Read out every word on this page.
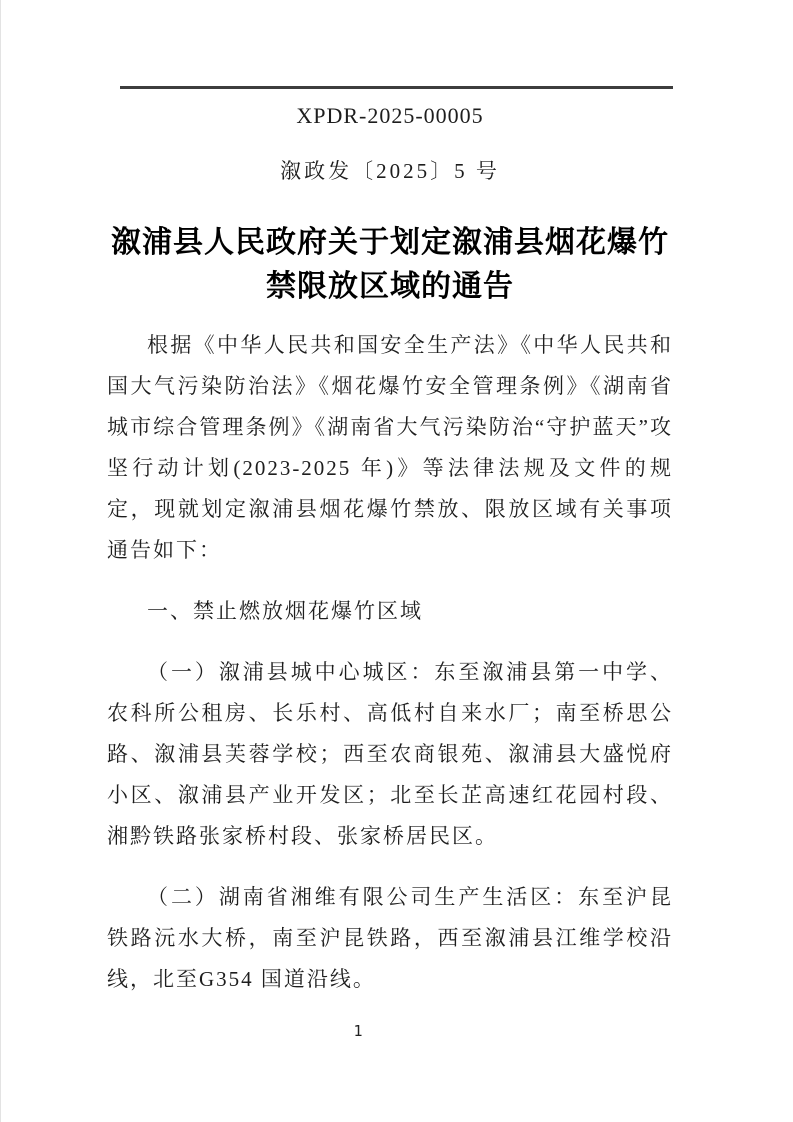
XPDR-2025-00005
溆政发〔2025〕5 号
溆浦县人民政府关于划定溆浦县烟花爆竹
禁限放区域的通告

根据《中华人民共和国安全生产法》《中华人民共和国大气污染防治法》《烟花爆竹安全管理条例》《湖南省城市综合管理条例》《湖南省大气污染防治“守护蓝天”攻坚行动计划(2023-2025 年)》等法律法规及文件的规定，现就划定溆浦县烟花爆竹禁放、限放区域有关事项通告如下：

一、禁止燃放烟花爆竹区域

（一）溆浦县城中心城区：东至溆浦县第一中学、农科所公租房、长乐村、高低村自来水厂；南至桥思公路、溆浦县芙蓉学校；西至农商银苑、溆浦县大盛悦府小区、溆浦县产业开发区；北至长芷高速红花园村段、湘黔铁路张家桥村段、张家桥居民区。

（二）湖南省湘维有限公司生产生活区：东至沪昆铁路沅水大桥，南至沪昆铁路，西至溆浦县江维学校沿线，北至G354 国道沿线。

1
